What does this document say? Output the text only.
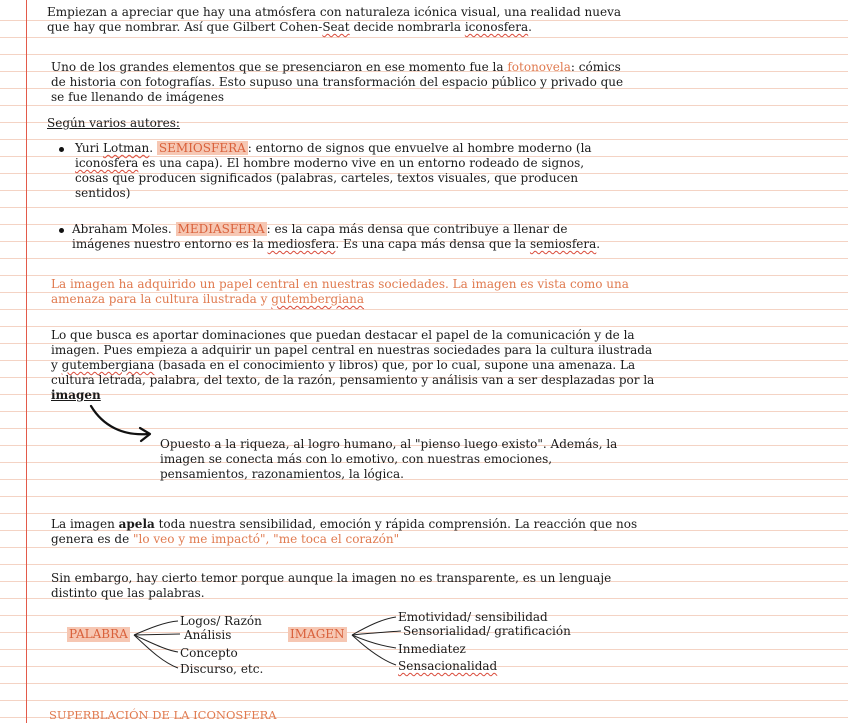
Empiezan a apreciar que hay una atmósfera con naturaleza icónica visual, una realidad nueva

que hay que nombrar. Así que Gilbert Cohen-Seat decide nombrarla iconosfera.

Uno de los grandes elementos que se presenciaron en ese momento fue la fotonovela: cómics

de historia con fotografías. Esto supuso una transformación del espacio público y privado que

se fue llenando de imágenes

Según varios autores:

Yuri Lotman. SEMIOSFERA : entorno de signos que envuelve al hombre moderno (la

iconosfera es una capa). El hombre moderno vive en un entorno rodeado de signos,

cosas que producen significados (palabras, carteles, textos visuales, que producen

sentidos)

Abraham Moles. MEDIASFERA : es la capa más densa que contribuye a llenar de

imágenes nuestro entorno es la mediosfera. Es una capa más densa que la semiosfera.

La imagen ha adquirido un papel central en nuestras sociedades. La imagen es vista como una

amenaza para la cultura ilustrada y gutembergiana

Lo que busca es aportar dominaciones que puedan destacar el papel de la comunicación y de la

imagen. Pues empieza a adquirir un papel central en nuestras sociedades para la cultura ilustrada

y gutembergiana (basada en el conocimiento y libros) que, por lo cual, supone una amenaza. La

cultura letrada, palabra, del texto, de la razón, pensamiento y análisis van a ser desplazadas por la

imagen

Opuesto a la riqueza, al logro humano, al "pienso luego existo". Además, la

imagen se conecta más con lo emotivo, con nuestras emociones,

pensamientos, razonamientos, la lógica.

La imagen apela toda nuestra sensibilidad, emoción y rápida comprensión. La reacción que nos

genera es de "lo veo y me impactó", "me toca el corazón"

Sin embargo, hay cierto temor porque aunque la imagen no es transparente, es un lenguaje

distinto que las palabras.

PALABRA

Logos/ Razón

Análisis

Concepto

Discurso, etc.

IMAGEN

Emotividad/ sensibilidad

Sensorialidad/ gratificación

Inmediatez

Sensacionalidad

SUPERBLACIÓN DE LA ICONOSFERA
